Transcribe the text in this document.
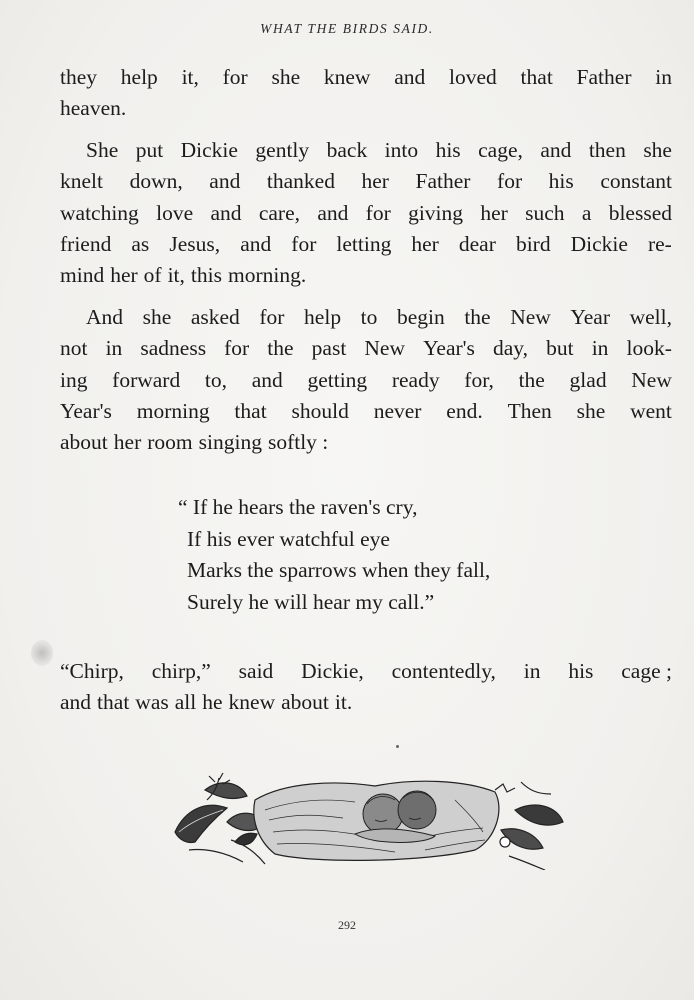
WHAT THE BIRDS SAID.
they help it, for she knew and loved that Father in
heaven.
She put Dickie gently back into his cage, and then she
knelt down, and thanked her Father for his constant
watching love and care, and for giving her such a blessed
friend as Jesus, and for letting her dear bird Dickie re-
mind her of it, this morning.
And she asked for help to begin the New Year well,
not in sadness for the past New Year's day, but in look-
ing forward to, and getting ready for, the glad New
Year's morning that should never end. Then she went
about her room singing softly :
“ If he hears the raven's cry,
If his ever watchful eye
Marks the sparrows when they fall,
Surely he will hear my call.”
“Chirp, chirp,” said Dickie, contentedly, in his cage ;
and that was all he knew about it.
292
